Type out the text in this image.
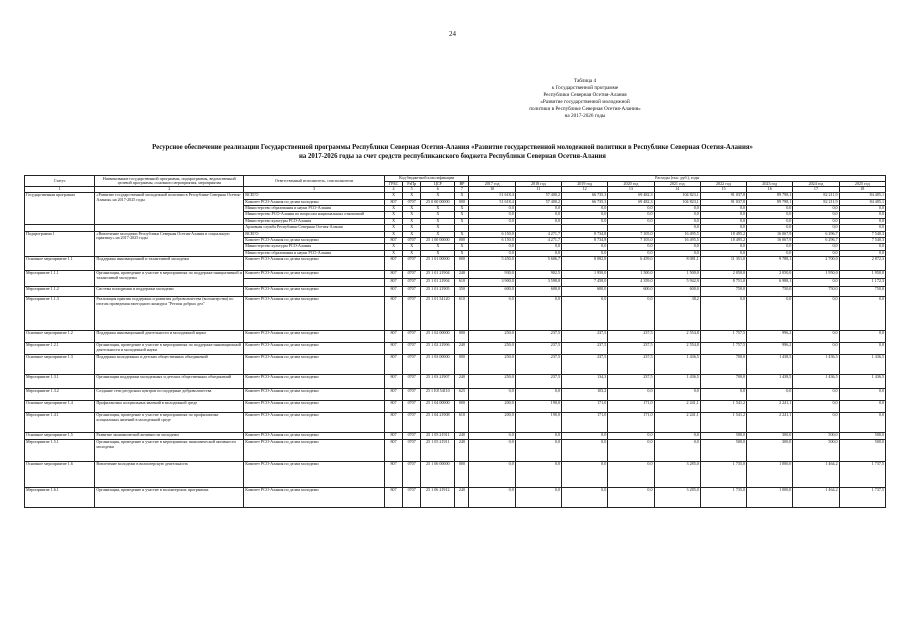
24
Таблица 4
к Государственной программе
Республики Северная Осетия-Алания
«Развитие государственной молодежной
политики в Республике Северная Осетия-Алания»
на 2017-2026 годы
Ресурсное обеспечение реализации Государственной программы Республики Северная Осетия-Алания «Развитие государственной молодежной политики в Республике Северная Осетия-Алания»
на 2017-2026 годы за счет средств республиканского бюджета Республики Северная Осетия-Алания
Статус	Наименование государственной программы, подпрограммы, ведомственной целевой программы, основного мероприятия, мероприятия	Ответственный исполнитель, соисполнители	Код бюджетной классификации				Расходы (тыс. руб.), годы								
			ГРБС	РзПр	ЦСР	ВР	2017 год	2018 год	2019 год	2020 год	2021 год	2022 год	2023 год	2024 год	2025 год
1	2	3	4	5	6	7	10	11	12	13	14	15	16	17	18
Государственная программа	«Развитие государственной молодежной политики в Республике Северная Осетия-Алания» на 2017-2025 годы	ВСЕГО	X	X	X	X	51 618,4	57 400,2	66 735,3	69 482,3	104 823,1	91 037,8	89 798,1	82 211,9	84 405,1
		Комитет РСО-Алания по делам молодежи	807	0707	25 0 00 00000	000	51 618,4	57 400,2	66 735,3	69 482,3	104 823,1	91 037,8	89 798,1	82 211,9	84 405,1
		Министерство образования и науки РСО-Алания	X	X	X	X	0,0	0,0	0,0	0,0	0,0	0,0	0,0	0,0	0,0
		Министерство РСО-Алания по вопросам национальных отношений	X	X	X	X	0,0	0,0	0,0	0,0	0,0	0,0	0,0	0,0	0,0
		Министерство культуры РСО-Алания	X	X	X	X	0,0	0,0	0,0	0,0	0,0	0,0	0,0	0,0	0,0
		Архивная служба Республики Северная Осетия-Алания	X	X	X						0,0	0,0	0,0	0,0	0,0
Подпрограмма 1	«Вовлечение молодежи Республики Северная Осетия-Алания в социальную практику» на 2017-2025 годы	ВСЕГО	X	X	X	X	6 150,0	4 271,7	8 734,8	7 105,0	16 495,5	18 495,2	16 067,9	6 296,7	7 540,3
		Комитет РСО-Алания по делам молодежи	807	0707	25 1 00 00000	000	6 150,0	4 271,7	8 734,8	7 105,0	16 495,5	18 495,2	16 067,9	6 296,7	7 540,3
		Министерство культуры РСО-Алания	X	X	X	X	0,0	0,0	0,0	0,0	0,0	0,0	0,0	0,0	0,0
		Министерство образования и науки РСО-Алания	X	X	X	X	0,0	0,0	0,0	0,0	0,0	0,0	0,0	0,0	0,0
Основное мероприятие 1.1	Поддержка инновационной и талантливой молодежи	Комитет РСО-Алания по делам молодежи	807	0707	25 1 01 00000	000	5 450,0	5 606,7	8 082,8	6 459,0	8 081,1	11 351,0	9 788,1	2 700,0	2 872,3
Мероприятие 1.1.1	Организация, проведение и участие в мероприятиях по поддержке инициативной и талантливой молодежи	Комитет РСО-Алания по делам молодежи	807	0707	25 1 01 21904	240	930,0	902,5	1 950,0	1 500,0	1 500,0	2 050,0	2 050,0	1 950,0	1 950,0
			807	0707	25 1 01 21904	610	3 900,0	3 598,8	7 450,0	4 359,0	5 942,9	8 751,0	6 988,1	0,0	1 172,3
Мероприятие 1.1.2	Система поощрения и поддержки молодежи	Комитет РСО-Алания по делам молодежи	807	0707	25 1 01 21905	350	600,0	600,0	600,0	600,0	600,0	750,0	750,0	750,0	750,0
Мероприятие 1.1.3	Реализация практик поддержки и развития добровольчества (волонтерства) по итогам проведения ежегодного конкурса "Регион добрых дел"	Комитет РСО-Алания по делам молодежи	807	0707	25 1 01 54120	610	0,0	0,0	0,0	0,0	38,2	0,0	0,0	0,0	0,0
Основное мероприятие 1.2	Поддержка инновационной деятельности и молодежной науки	Комитет РСО-Алания по делам молодежи	807	0707	25 1 02 00000	000	250,0	237,5	237,5	237,5	2 554,8	1 757,5	996,2	0,0	0,0
Мероприятие 1.2.1	Организация, проведение и участие в мероприятиях по поддержке инновационной деятельности и молодежной науки	Комитет РСО-Алания по делам молодежи	807	0707	25 1 02 21906	240	250,0	237,5	237,5	237,5	2 554,8	1 757,5	996,2	0,0	0,0
Основное мероприятие 1.3	Поддержка молодежных и детских общественных объединений	Комитет РСО-Алания по делам молодежи	807	0707	25 1 03 00000	000	250,0	237,5	237,5	237,5	1 436,5	700,0	1 438,5	1 436,5	1 436,5
Мероприятие 1.3.1	Организация поддержки молодежных и детских общественных объединений	Комитет РСО-Алания по делам молодежи	807	0707	25 1 03 21907	240	250,0	237,5	134,3	237,5	1 436,5	700,0	1 438,5	1 436,5	1 436,5
Мероприятие 1.3.2	Создание сети ресурсных центров по поддержке добровольчества	Комитет РСО-Алания по делам молодежи	807	0707	25 1 Е8 54110	625	0,0	0,0	103,2	0,0	0,0	0,0	0,0	0,0	0,0
Основное мероприятие 1.4	Профилактика асоциальных явлений в молодежной среде	Комитет РСО-Алания по делам молодежи	807	0707	25 1 04 00000	000	200,0	190,0	171,0	171,0	2 241,1	1 541,2	2 241,1	0,0	0,0
Мероприятие 1.4.1	Организация, проведение и участие в мероприятиях по профилактике асоциальных явлений в молодежной среде	Комитет РСО-Алания по делам молодежи	807	0707	25 1 04 21908	610	200,0	190,0	171,0	171,0	2 241,1	1 541,2	2 241,1	0,0	0,0
Основное мероприятие 1.5	Развитие экономической активности молодежи	Комитет РСО-Алания по делам молодежи	807	0707	25 1 05 21911	240	0,0	0,0	0,0	0,0	0,0	500,0	300,0	500,0	500,0
Мероприятие 1.5.1	Организация, проведение и участие в мероприятиях экономической активности молодежи	Комитет РСО-Алания по делам молодежи	807	0707	25 1 05 21911	240	0,0	0,0	0,0	0,0	0,0	500,0	300,0	500,0	500,0
Основное мероприятие 1.6	Вовлечение молодежи в волонтерскую деятельность	Комитет РСО-Алания по делам молодежи	807	0707	25 1 06 00000	000	0,0	0,0	0,0	0,0	3 285,0	1 735,0	1 000,0	1 464,2	1 737,5
Мероприятие 1.6.1	Организация, проведение и участие в волонтерских программах	Комитет РСО-Алания по делам молодежи	807	0707	25 1 06 21912	240	0,0	0,0	0,0	0,0	3 285,0	1 735,0	1 000,0	1 464,2	1 737,5
